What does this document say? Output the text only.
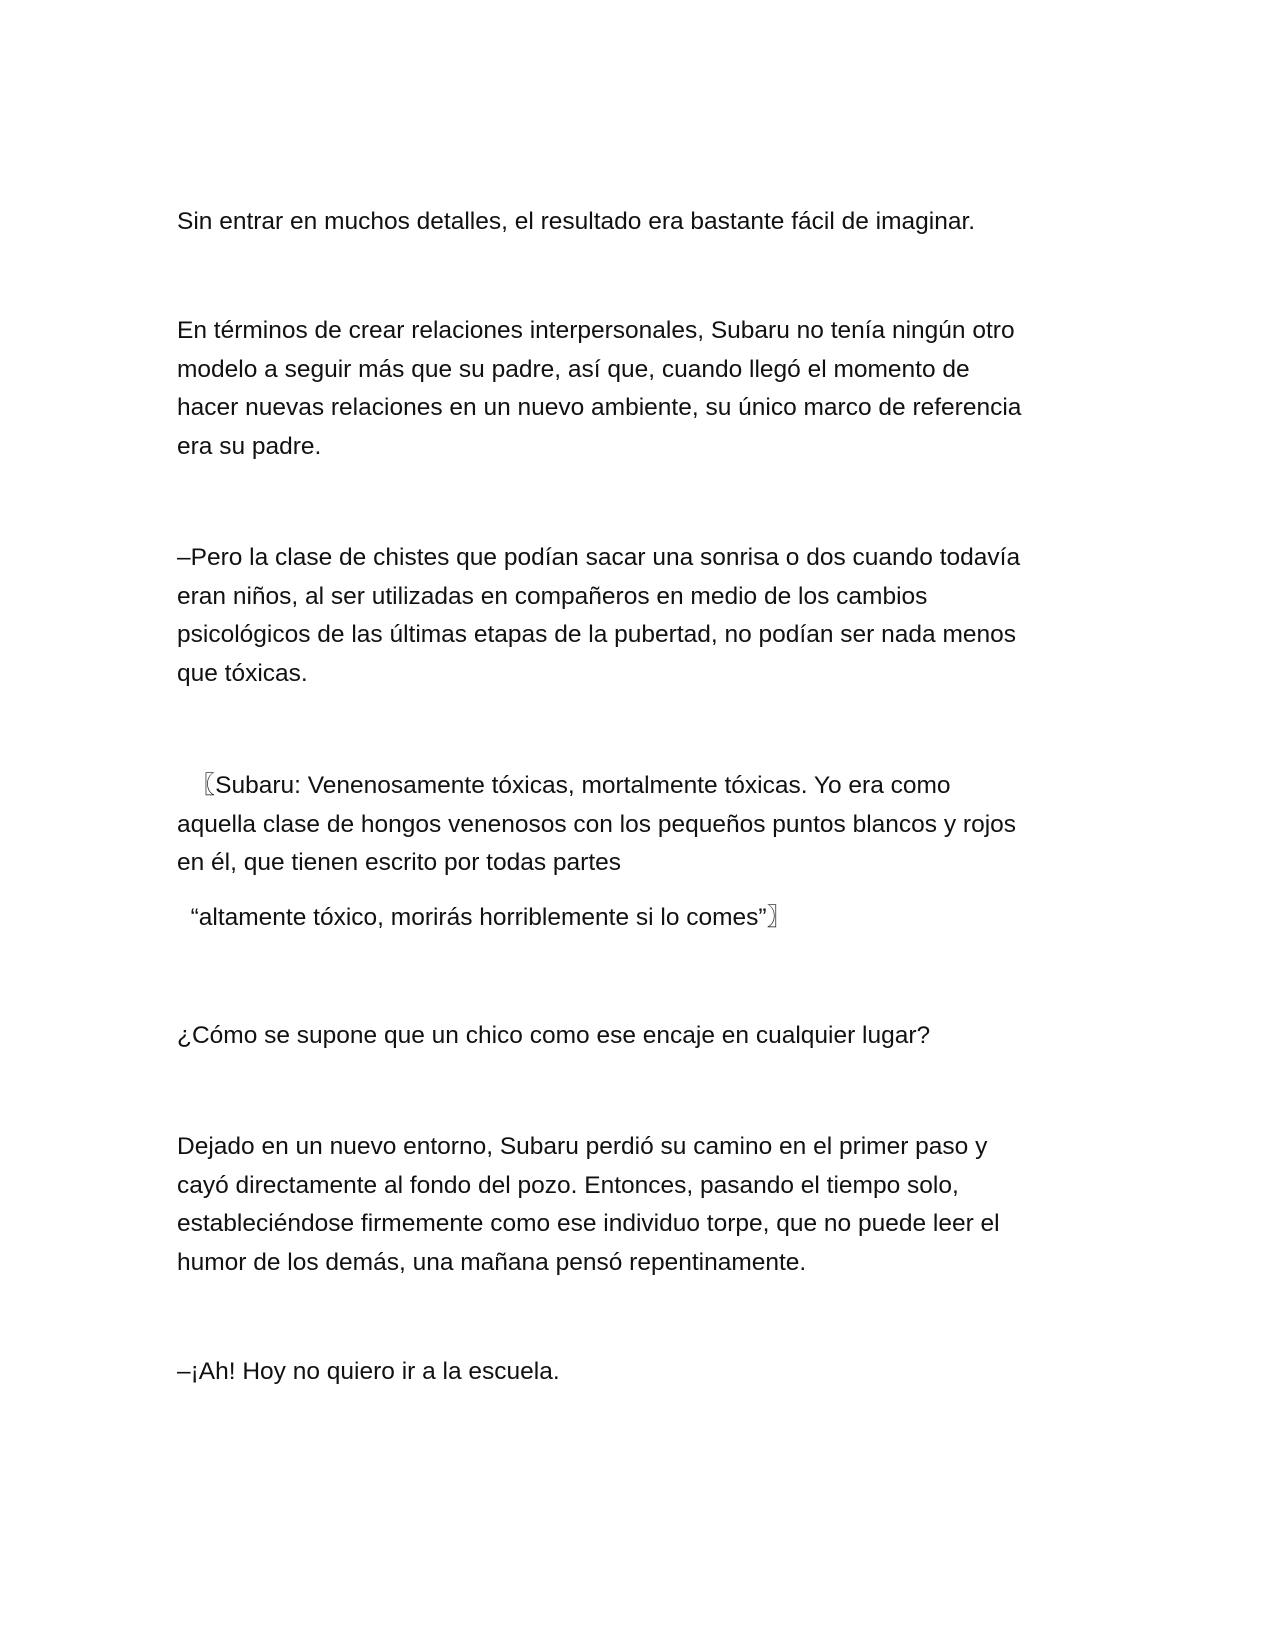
Sin entrar en muchos detalles, el resultado era bastante fácil de imaginar.

En términos de crear relaciones interpersonales, Subaru no tenía ningún otro
modelo a seguir más que su padre, así que, cuando llegó el momento de
hacer nuevas relaciones en un nuevo ambiente, su único marco de referencia
era su padre.

–Pero la clase de chistes que podían sacar una sonrisa o dos cuando todavía
eran niños, al ser utilizadas en compañeros en medio de los cambios
psicológicos de las últimas etapas de la pubertad, no podían ser nada menos
que tóxicas.

〖Subaru: Venenosamente tóxicas, mortalmente tóxicas. Yo era como
aquella clase de hongos venenosos con los pequeños puntos blancos y rojos
en él, que tienen escrito por todas partes
“altamente tóxico, morirás horriblemente si lo comes”〗

¿Cómo se supone que un chico como ese encaje en cualquier lugar?

Dejado en un nuevo entorno, Subaru perdió su camino en el primer paso y
cayó directamente al fondo del pozo. Entonces, pasando el tiempo solo,
estableciéndose firmemente como ese individuo torpe, que no puede leer el
humor de los demás, una mañana pensó repentinamente.

–¡Ah! Hoy no quiero ir a la escuela.
